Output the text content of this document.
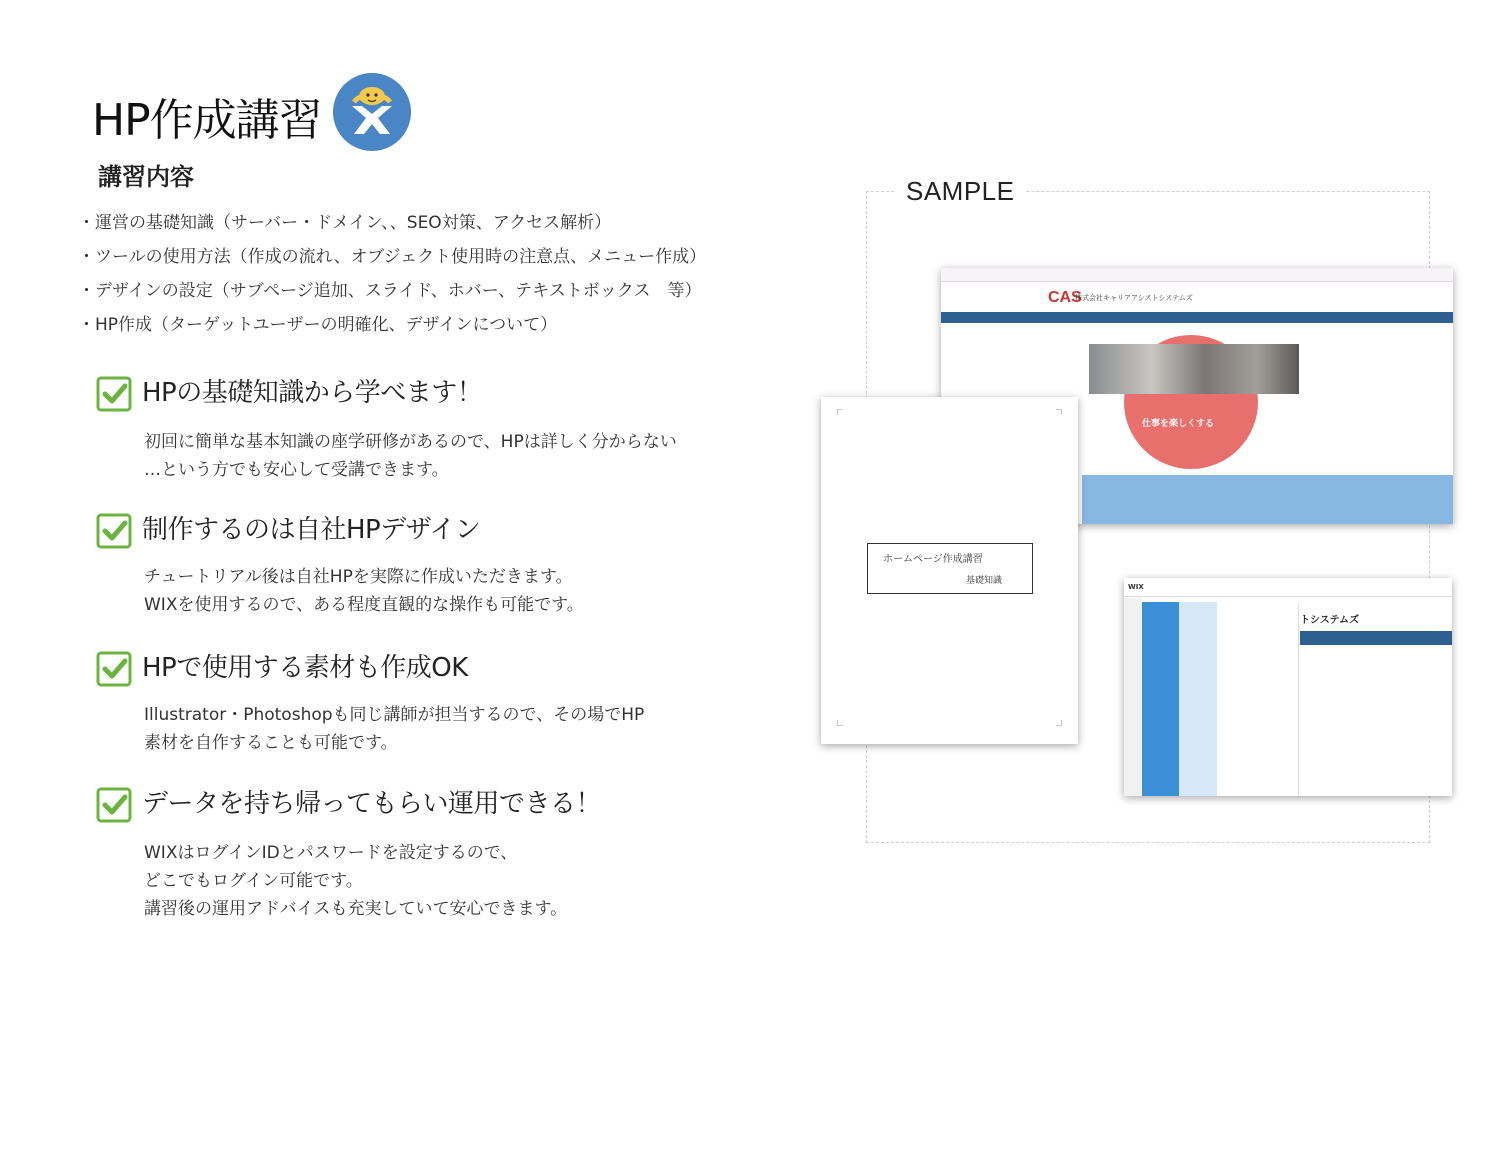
HP作成講習
講習内容
・運営の基礎知識（サーバー・ドメイン、、SEO対策、アクセス解析）
・ツールの使用方法（作成の流れ、オブジェクト使用時の注意点、メニュー作成）
・デザインの設定（サブページ追加、スライド、ホバー、テキストボックス　等）
・HP作成（ターゲットユーザーの明確化、デザインについて）
HPの基礎知識から学べます！
初回に簡単な基本知識の座学研修があるので、HPは詳しく分からない
…という方でも安心して受講できます。
制作するのは自社HPデザイン
チュートリアル後は自社HPを実際に作成いただきます。
WIXを使用するので、ある程度直観的な操作も可能です。
HPで使用する素材も作成OK
Illustrator・Photoshopも同じ講師が担当するので、その場でHP
素材を自作することも可能です。
データを持ち帰ってもらい運用できる！
WIXはログインIDとパスワードを設定するので、
どこでもログイン可能です。
講習後の運用アドバイスも充実していて安心できます。
SAMPLE
CAS
株式会社キャリアアシストシステムズ
仕事を楽しくする
ホームページ作成講習
基礎知識
WIX
トシステムズ
